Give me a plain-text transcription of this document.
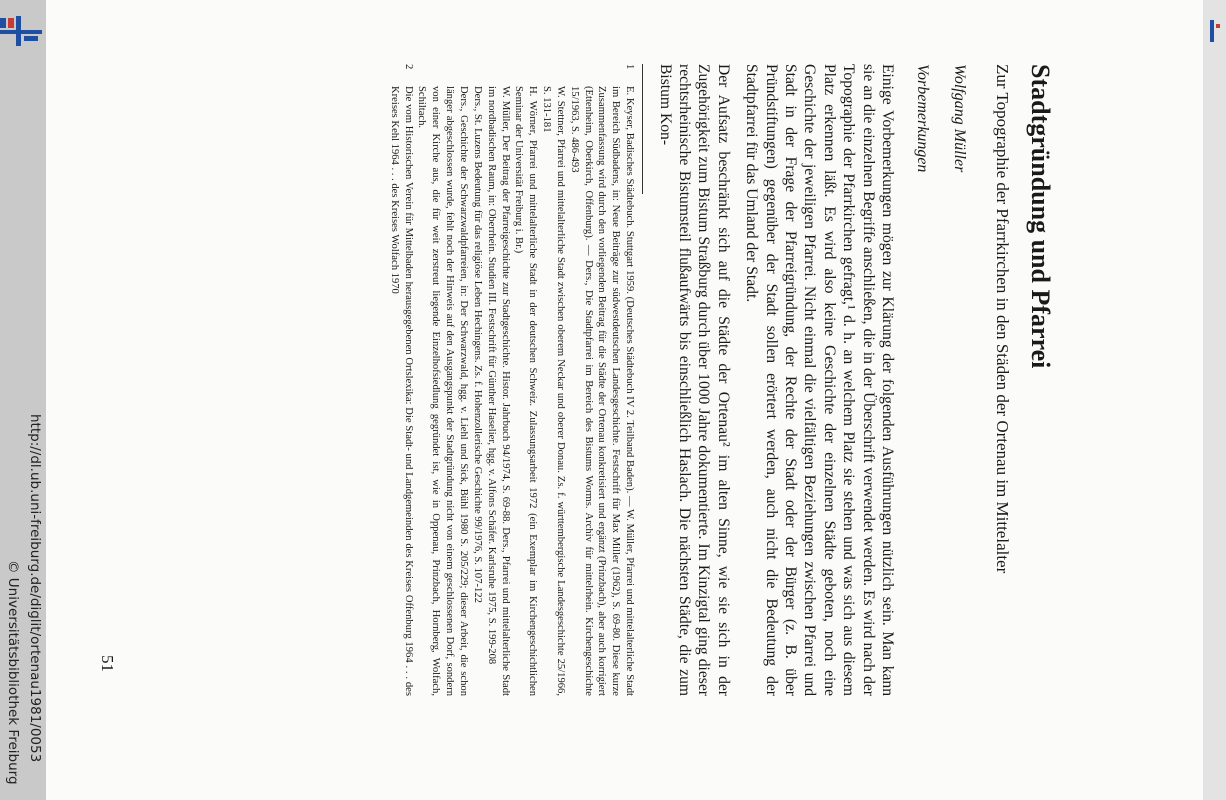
http://dl.ub.uni-freiburg.de/diglit/ortenau1981/0053
© Universitätsbibliothek Freiburg
Stadtgründung und Pfarrei
Zur Topographie der Pfarrkirchen in den Städen der Ortenau im Mittelalter
Wolfgang Müller
Vorbemerkungen

Einige Vorbemerkungen mögen zur Klärung der folgenden Ausführungen nützlich sein. Man kann sie an die einzelnen Begriffe anschließen, die in der Überschrift verwendet werden. Es wird nach der Topographie der Pfarrkirchen gefragt,¹ d. h. an welchem Platz sie stehen und was sich aus diesem Platz erkennen läßt. Es wird also keine Geschichte der einzelnen Städte geboten, noch eine Geschichte der jeweiligen Pfarrei. Nicht einmal die vielfältigen Beziehungen zwischen Pfarrei und Stadt in der Frage der Pfarreigründung, der Rechte der Stadt oder der Bürger (z. B. über Pründstiftungen) gegenüber der Stadt sollen erörtert werden, auch nicht die Bedeutung der Stadtpfarrei für das Umland der Stadt.

Der Aufsatz beschränkt sich auf die Städte der Ortenau² im alten Sinne, wie sie sich in der Zugehörigkeit zum Bistum Straßburg durch über 1000 Jahre dokumentierte. Im Kinzigtal ging dieser rechtsrheinische Bistumsteil flußaufwärts bis einschließlich Haslach. Die nächsten Städte, die zum Bistum Kon-

1

E. Keyser, Badisches Städtebuch. Stuttgart 1959. (Deutsches Städtebuch IV 2. Teilband Baden). — W. Müller, Pfarrei und mittelalterliche Stadt im Bereich Südbadens, in: Neue Beiträge zur südwestdeutschen Landesgeschichte. Festschrift für Max Miller (1962), S. 69-80. Diese kurze Zusammenfassung wird durch den vorliegenden Beitrag für die Städte der Ortenau konkretisiert und ergänzt (Prinzbach), aber auch korrigiert (Ettenheim, Oberkirch, Offenburg). — Ders., Die Stadtpfarrei im Bereich des Bistums Worms. Archiv für mittelrhein. Kirchengeschichte 15/1963, S. 486-493

W. Stettner, Pfarrei und mittelalterliche Stadt zwischen oberem Neckar und oberer Donau. Zs. f. württembergische Landesgeschichte 25/1966, S. 131-181

H. Wörner, Pfarrei und mittelalterliche Stadt in der deutschen Schweiz. Zulassungsarbeit 1972 (ein Exemplar im Kirchengeschichtlichen Seminar der Universität Freiburg i. Br.)

W. Müller, Der Beitrag der Pfarreigeschichte zur Stadtgeschichte. Histor. Jahrbuch 94/1974, S. 69-88. Ders., Pfarrei und mittelalterliche Stadt im nordbadischen Raum, in: Oberrhein. Studien III. Festschrift für Günther Haselier, hgg. v. Alfons Schäfer. Karlsruhe 1975, S. 199-208

Ders., St. Luzens Bedeutung für das religiöse Leben Hechingens. Zs. f. Hohenzollerische Geschichte 99/1976, S. 107-122

Ders., Geschichte der Schwarzwaldpfarreien, in: Der Schwarzwald, hgg. v. Liehl und Sick, Bühl 1980 S. 205/229; dieser Arbeit, die schon länger abgeschlossen wurde, fehlt noch der Hinweis auf den Ausgangspunkt der Stadtgründung nicht von einem geschlossenen Dorf, sondern von einer Kirche aus, die für weit zerstreut liegende Einzelhofsiedlung gegründet ist, wie in Oppenau, Prinzbach, Hornberg, Wolfach, Schiltach.

2

Die vom Historischen Verein für Mittelbaden herausgegebenen Ortslexika: Die Stadt- und Landgemeinden des Kreises Offenburg 1964 . . . des Kreises Kehl 1964 . . . des Kreises Wolfach 1970

51
